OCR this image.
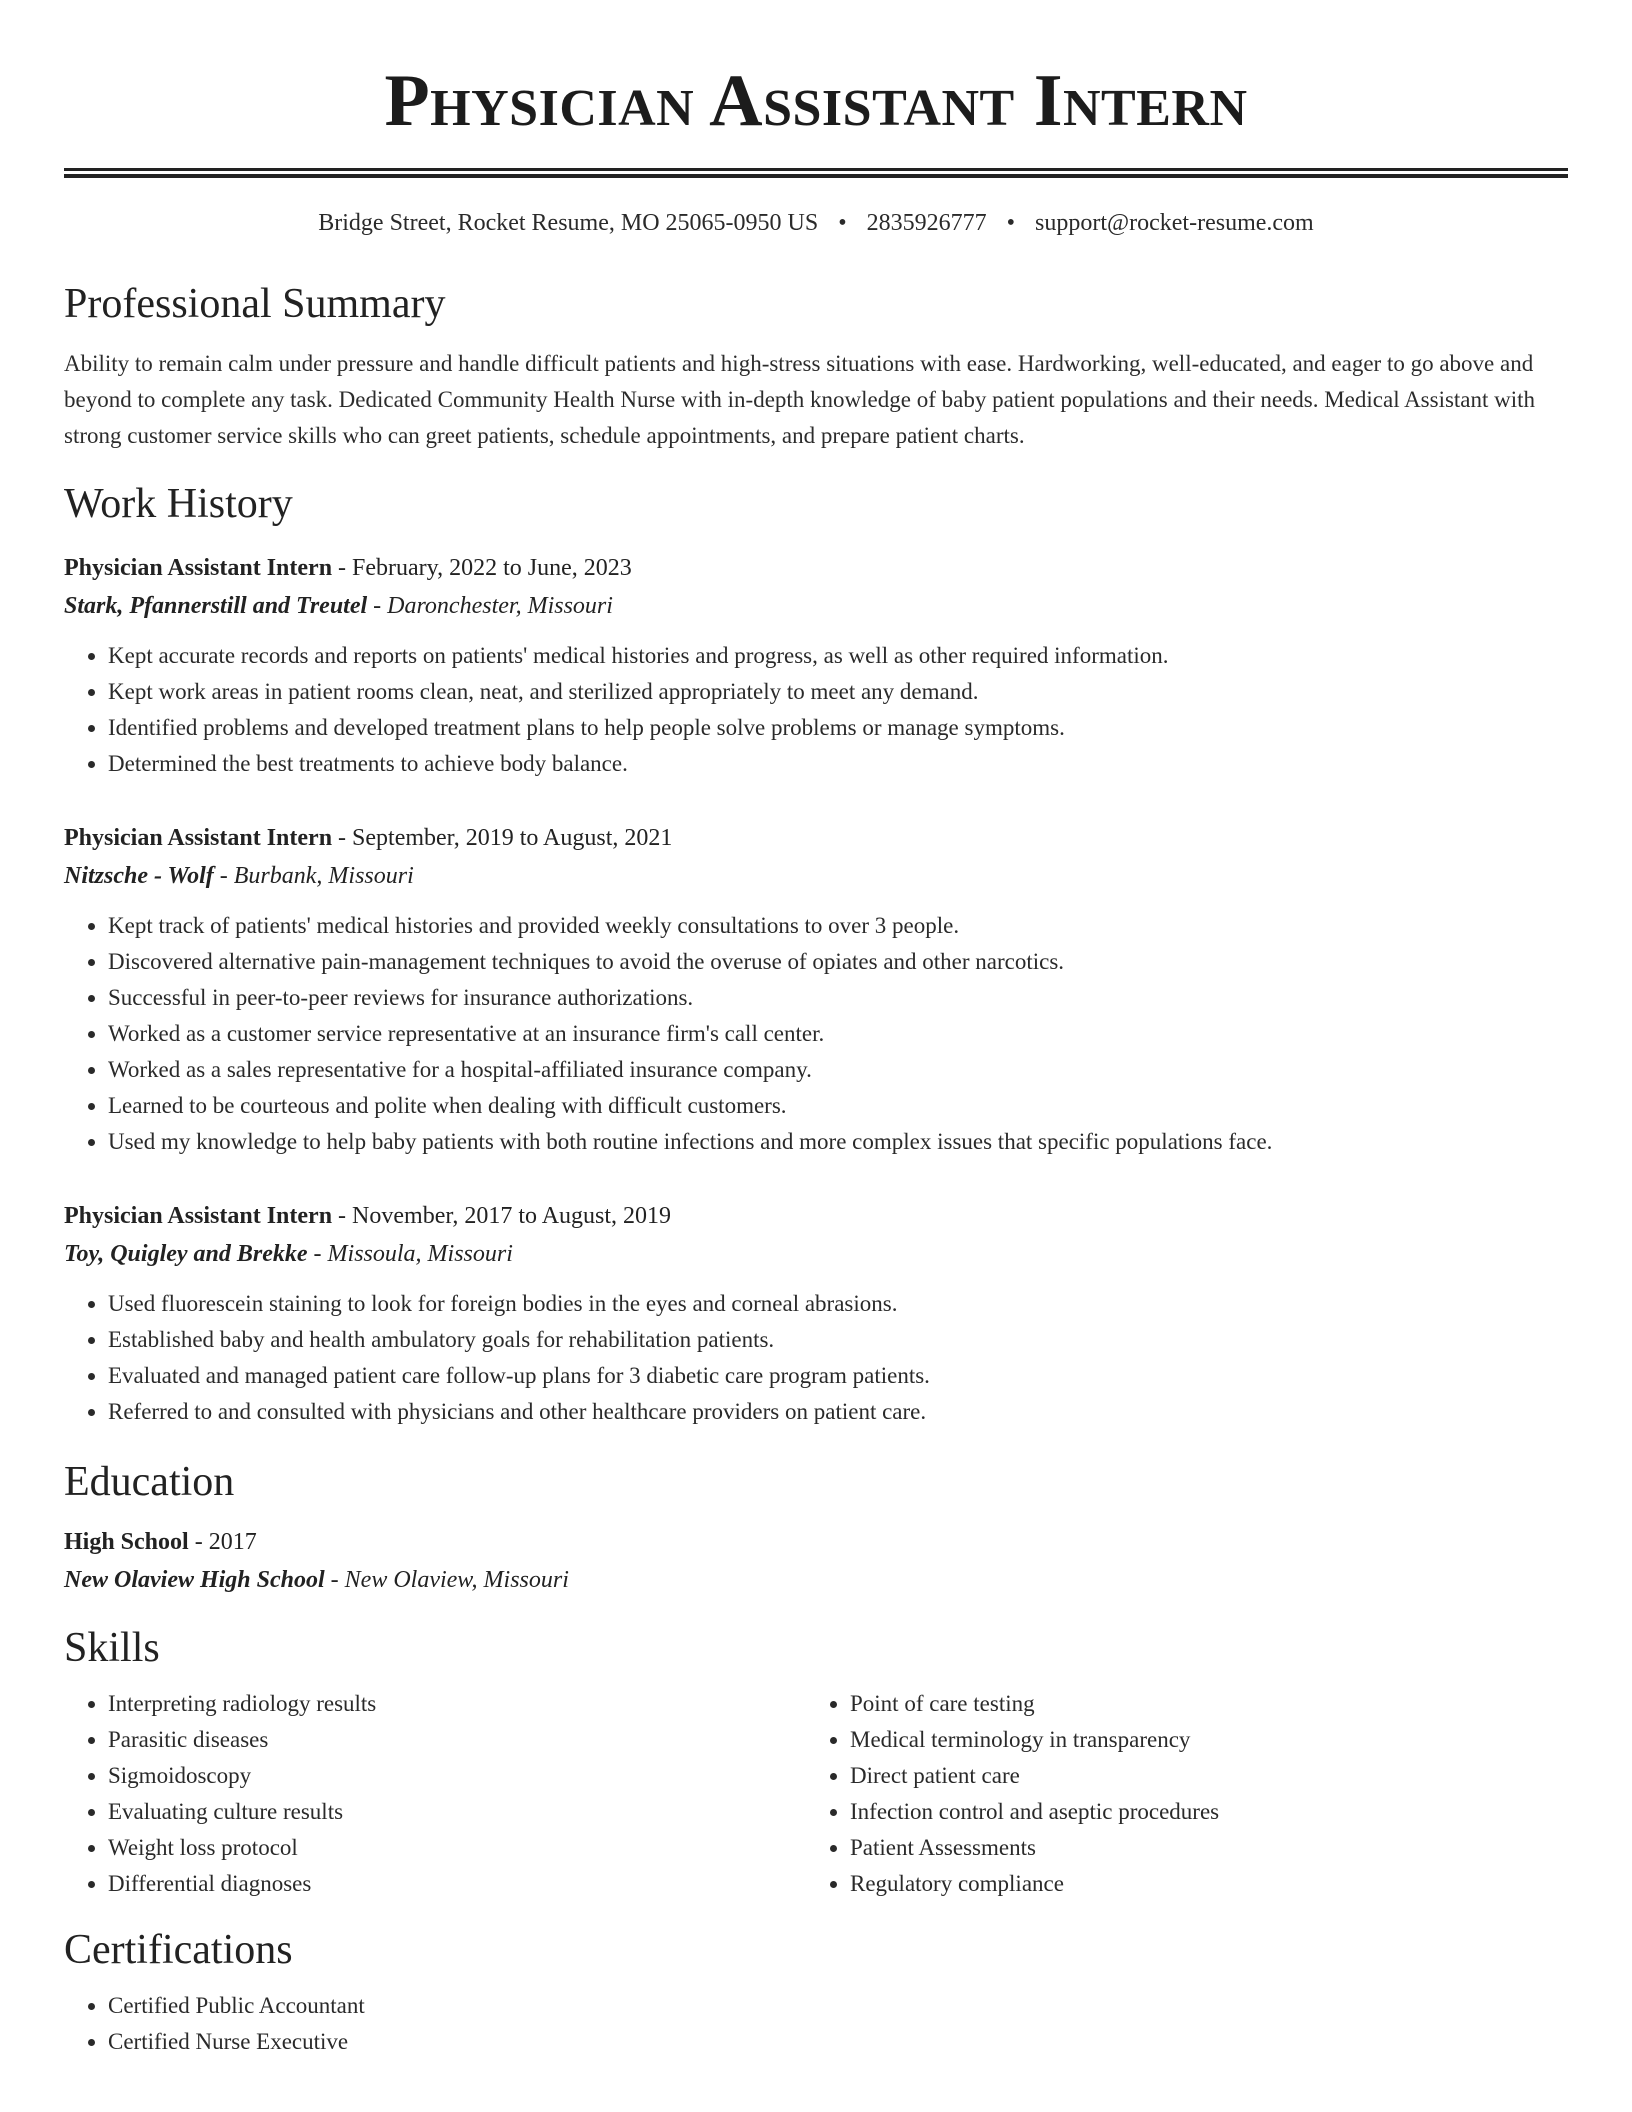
Physician Assistant Intern
Bridge Street, Rocket Resume, MO 25065-0950 US • 2835926777 • support@rocket-resume.com
Professional Summary
Ability to remain calm under pressure and handle difficult patients and high-stress situations with ease. Hardworking, well-educated, and eager to go above and beyond to complete any task. Dedicated Community Health Nurse with in-depth knowledge of baby patient populations and their needs. Medical Assistant with strong customer service skills who can greet patients, schedule appointments, and prepare patient charts.
Work History
Physician Assistant Intern - February, 2022 to June, 2023
Stark, Pfannerstill and Treutel - Daronchester, Missouri
• Kept accurate records and reports on patients' medical histories and progress, as well as other required information.
• Kept work areas in patient rooms clean, neat, and sterilized appropriately to meet any demand.
• Identified problems and developed treatment plans to help people solve problems or manage symptoms.
• Determined the best treatments to achieve body balance.
Physician Assistant Intern - September, 2019 to August, 2021
Nitzsche - Wolf - Burbank, Missouri
• Kept track of patients' medical histories and provided weekly consultations to over 3 people.
• Discovered alternative pain-management techniques to avoid the overuse of opiates and other narcotics.
• Successful in peer-to-peer reviews for insurance authorizations.
• Worked as a customer service representative at an insurance firm's call center.
• Worked as a sales representative for a hospital-affiliated insurance company.
• Learned to be courteous and polite when dealing with difficult customers.
• Used my knowledge to help baby patients with both routine infections and more complex issues that specific populations face.
Physician Assistant Intern - November, 2017 to August, 2019
Toy, Quigley and Brekke - Missoula, Missouri
• Used fluorescein staining to look for foreign bodies in the eyes and corneal abrasions.
• Established baby and health ambulatory goals for rehabilitation patients.
• Evaluated and managed patient care follow-up plans for 3 diabetic care program patients.
• Referred to and consulted with physicians and other healthcare providers on patient care.
Education
High School - 2017
New Olaview High School - New Olaview, Missouri
Skills
• Interpreting radiology results
• Parasitic diseases
• Sigmoidoscopy
• Evaluating culture results
• Weight loss protocol
• Differential diagnoses
• Point of care testing
• Medical terminology in transparency
• Direct patient care
• Infection control and aseptic procedures
• Patient Assessments
• Regulatory compliance
Certifications
• Certified Public Accountant
• Certified Nurse Executive
